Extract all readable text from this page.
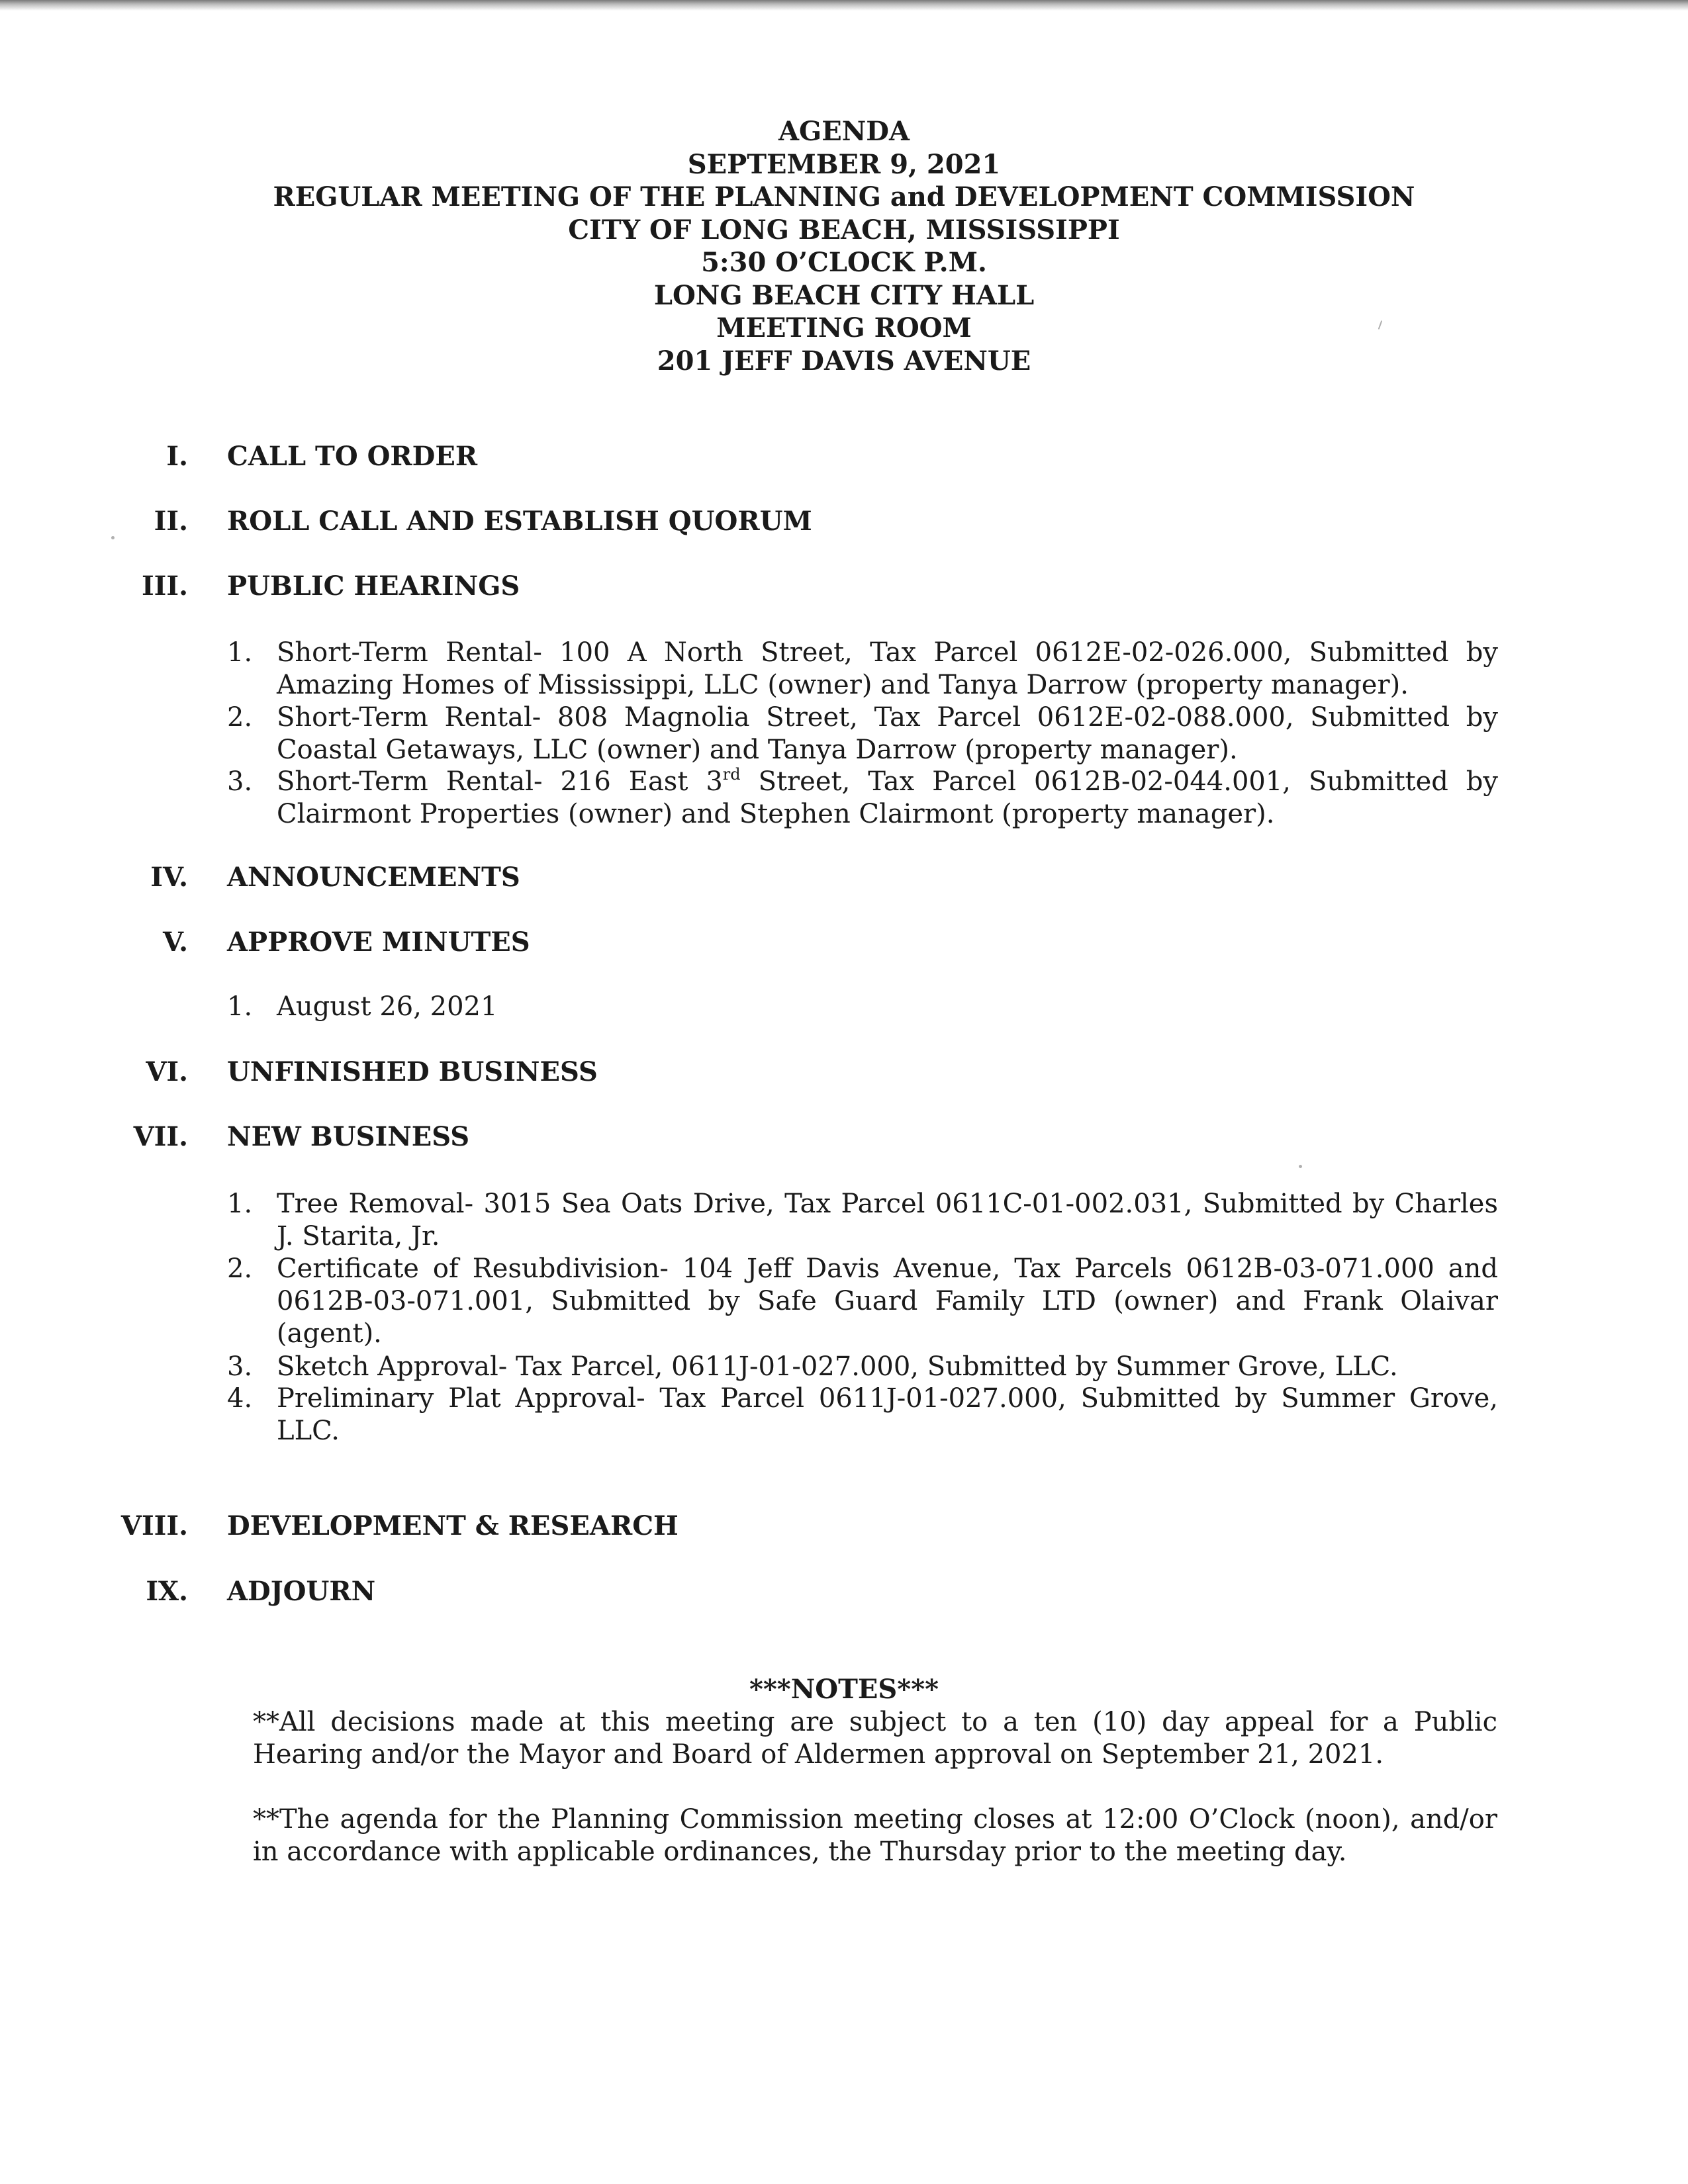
AGENDA
SEPTEMBER 9, 2021
REGULAR MEETING OF THE PLANNING and DEVELOPMENT COMMISSION
CITY OF LONG BEACH, MISSISSIPPI
5:30 O’CLOCK P.M.
LONG BEACH CITY HALL
MEETING ROOM
201 JEFF DAVIS AVENUE
I. CALL TO ORDER
II. ROLL CALL AND ESTABLISH QUORUM
III. PUBLIC HEARINGS
1. Short-Term Rental- 100 A North Street, Tax Parcel 0612E-02-026.000, Submitted by Amazing Homes of Mississippi, LLC (owner) and Tanya Darrow (property manager).
2. Short-Term Rental- 808 Magnolia Street, Tax Parcel 0612E-02-088.000, Submitted by Coastal Getaways, LLC (owner) and Tanya Darrow (property manager).
3. Short-Term Rental- 216 East 3rd Street, Tax Parcel 0612B-02-044.001, Submitted by Clairmont Properties (owner) and Stephen Clairmont (property manager).
IV. ANNOUNCEMENTS
V. APPROVE MINUTES
1. August 26, 2021
VI. UNFINISHED BUSINESS
VII. NEW BUSINESS
1. Tree Removal- 3015 Sea Oats Drive, Tax Parcel 0611C-01-002.031, Submitted by Charles J. Starita, Jr.
2. Certificate of Resubdivision- 104 Jeff Davis Avenue, Tax Parcels 0612B-03-071.000 and 0612B-03-071.001, Submitted by Safe Guard Family LTD (owner) and Frank Olaivar (agent).
3. Sketch Approval- Tax Parcel, 0611J-01-027.000, Submitted by Summer Grove, LLC.
4. Preliminary Plat Approval- Tax Parcel 0611J-01-027.000, Submitted by Summer Grove, LLC.
VIII. DEVELOPMENT & RESEARCH
IX. ADJOURN
***NOTES***
**All decisions made at this meeting are subject to a ten (10) day appeal for a Public Hearing and/or the Mayor and Board of Aldermen approval on September 21, 2021.
**The agenda for the Planning Commission meeting closes at 12:00 O’Clock (noon), and/or in accordance with applicable ordinances, the Thursday prior to the meeting day.
